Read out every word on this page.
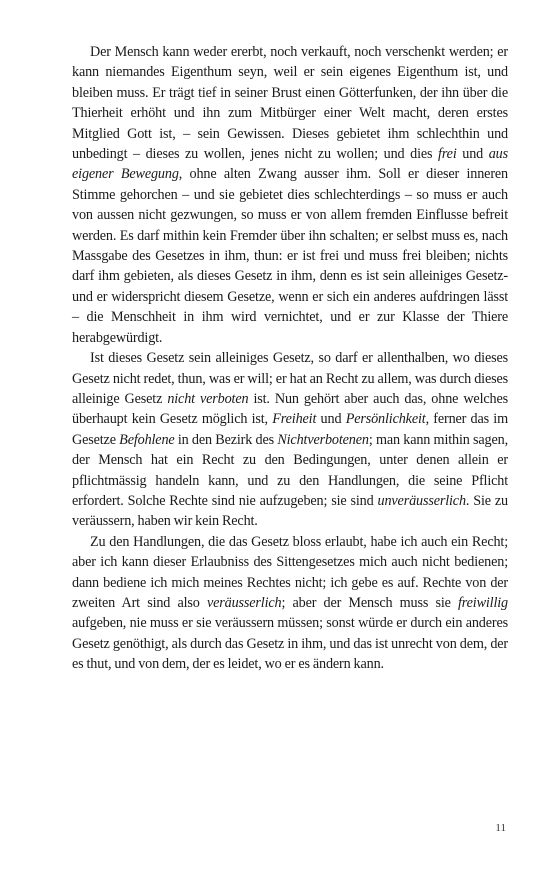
Der Mensch kann weder ererbt, noch verkauft, noch verschenkt werden; er kann niemandes Eigenthum seyn, weil er sein eigenes Eigenthum ist, und bleiben muss. Er trägt tief in seiner Brust einen Götterfunken, der ihn über die Thierheit erhöht und ihn zum Mitbürger einer Welt macht, deren erstes Mitglied Gott ist, – sein Gewissen. Dieses gebietet ihm schlechthin und unbedingt – dieses zu wollen, jenes nicht zu wollen; und dies frei und aus eigener Bewegung, ohne alten Zwang ausser ihm. Soll er dieser inneren Stimme gehorchen – und sie gebietet dies schlechterdings – so muss er auch von aussen nicht gezwungen, so muss er von allem fremden Einflusse befreit werden. Es darf mithin kein Fremder über ihn schalten; er selbst muss es, nach Massgabe des Gesetzes in ihm, thun: er ist frei und muss frei bleiben; nichts darf ihm gebieten, als dieses Gesetz in ihm, denn es ist sein alleiniges Gesetz- und er widerspricht diesem Gesetze, wenn er sich ein anderes aufdringen lässt – die Menschheit in ihm wird vernichtet, und er zur Klasse der Thiere herabgewürdigt.

Ist dieses Gesetz sein alleiniges Gesetz, so darf er allenthalben, wo dieses Gesetz nicht redet, thun, was er will; er hat an Recht zu allem, was durch dieses alleinige Gesetz nicht verboten ist. Nun gehört aber auch das, ohne welches überhaupt kein Gesetz möglich ist, Freiheit und Persönlichkeit, ferner das im Gesetze Befohlene in den Bezirk des Nichtverbotenen; man kann mithin sagen, der Mensch hat ein Recht zu den Bedingungen, unter denen allein er pflichtmässig handeln kann, und zu den Handlungen, die seine Pflicht erfordert. Solche Rechte sind nie aufzugeben; sie sind unveräusserlich. Sie zu veräussern, haben wir kein Recht.

Zu den Handlungen, die das Gesetz bloss erlaubt, habe ich auch ein Recht; aber ich kann dieser Erlaubniss des Sittengesetzes mich auch nicht bedienen; dann bediene ich mich meines Rechtes nicht; ich gebe es auf. Rechte von der zweiten Art sind also veräusserlich; aber der Mensch muss sie freiwillig aufgeben, nie muss er sie veräussern müssen; sonst würde er durch ein anderes Gesetz genöthigt, als durch das Gesetz in ihm, und das ist unrecht von dem, der es thut, und von dem, der es leidet, wo er es ändern kann.

11
